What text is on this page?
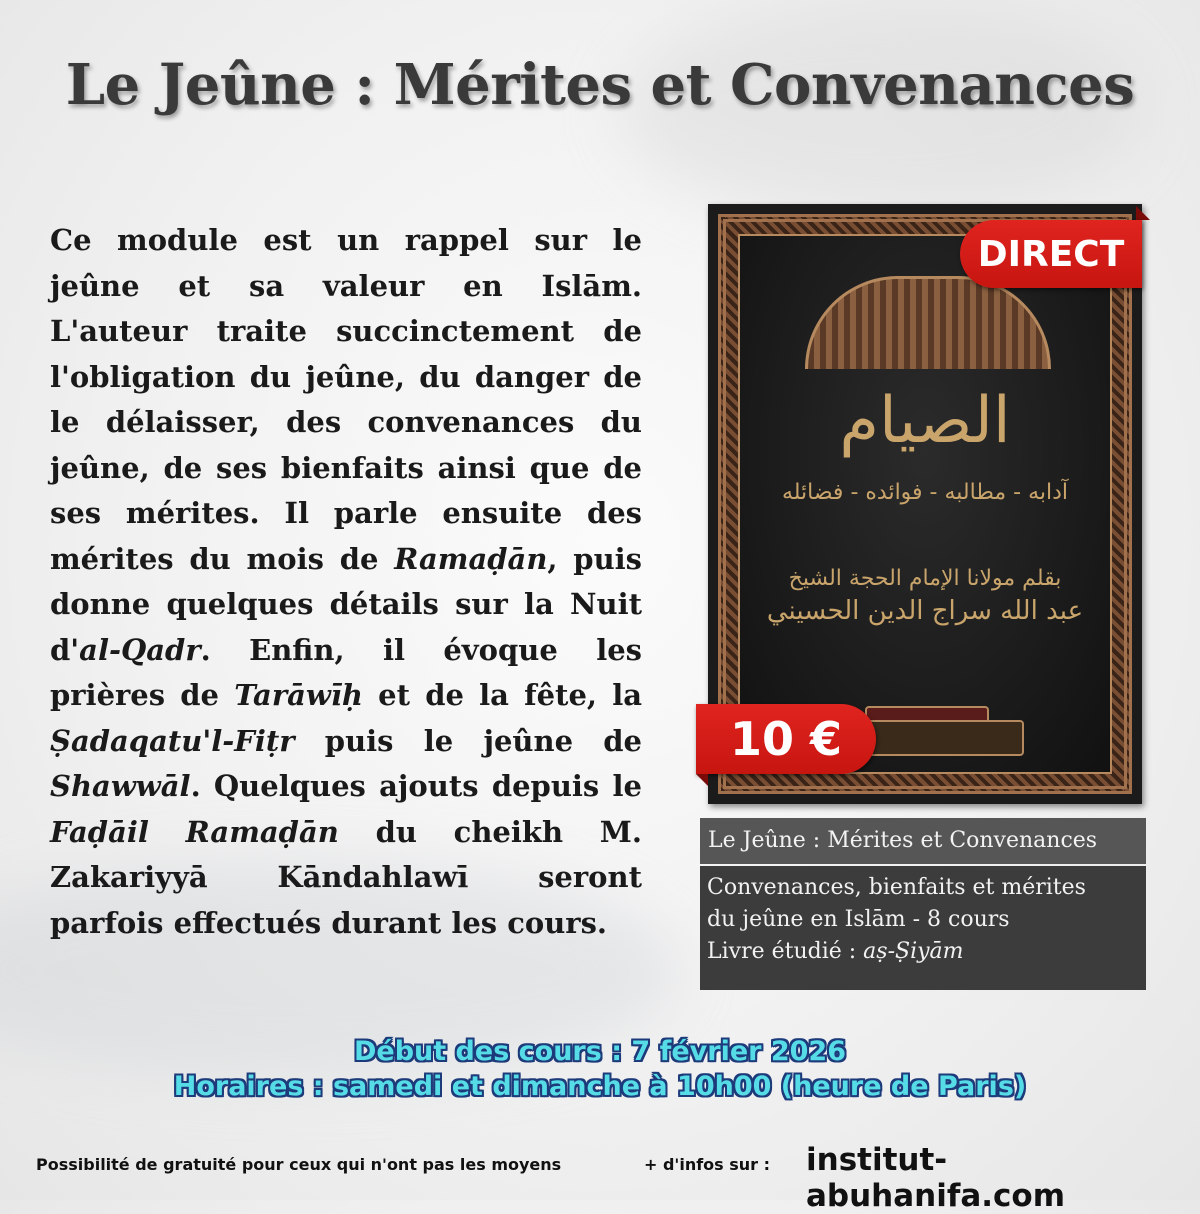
Le Jeûne : Mérites et Convenances
Ce module est un rappel sur le jeûne et sa valeur en Islām. L'auteur traite succinctement de l'obligation du jeûne, du danger de le délaisser, des convenances du jeûne, de ses bienfaits ainsi que de ses mérites. Il parle ensuite des mérites du mois de Ramaḍān, puis donne quelques détails sur la Nuit d'al-Qadr. Enfin, il évoque les prières de Tarāwīḥ et de la fête, la Ṣadaqatu'l-Fiṭr puis le jeûne de Shawwāl. Quelques ajouts depuis le Faḍāil Ramaḍān du cheikh M. Zakariyyā Kāndahlawī seront parfois effectués durant les cours.
الصيام
آدابه - مطالبه - فوائده - فضائله
بقلم مولانا الإمام الحجة الشيخ
عبد الله سراج الدين الحسيني
DIRECT
10 €
Le Jeûne : Mérites et Convenances
Convenances, bienfaits et mérites
du jeûne en Islām - 8 cours
Livre étudié : aṣ-Ṣiyām
Début des cours : 7 février 2026
Horaires : samedi et dimanche à 10h00 (heure de Paris)
Possibilité de gratuité pour ceux qui n'ont pas les moyens	+ d'infos sur : institut-abuhanifa.com
